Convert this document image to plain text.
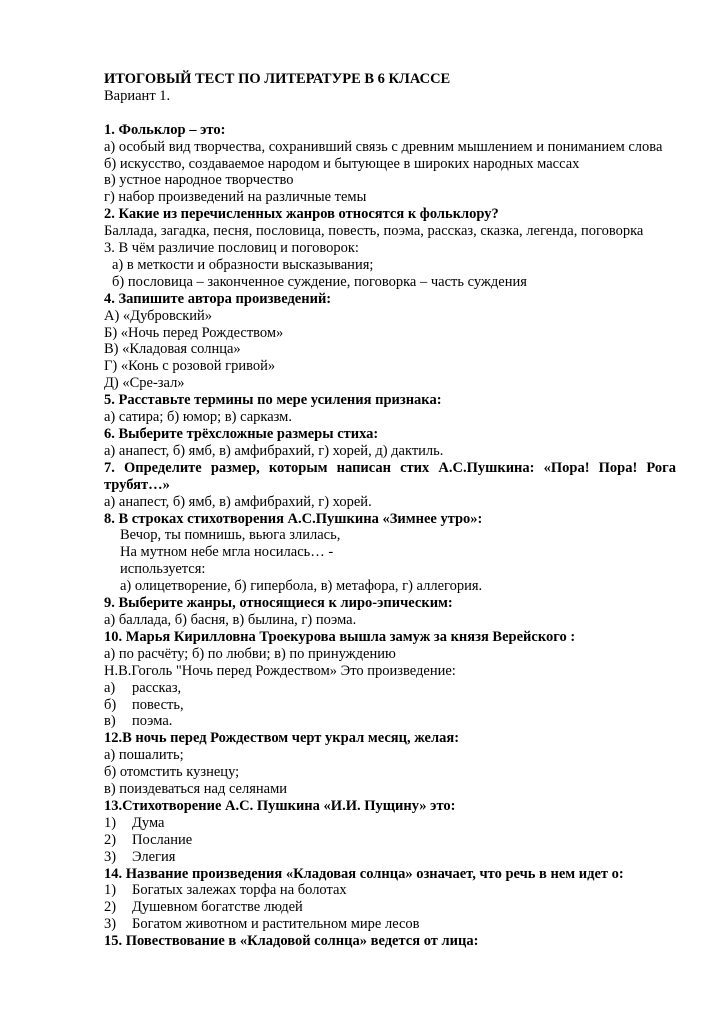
ИТОГОВЫЙ ТЕСТ ПО ЛИТЕРАТУРЕ В 6 КЛАССЕ
Вариант 1.
1. Фольклор – это:
а) особый вид творчества, сохранивший связь с древним мышлением и пониманием слова
б) искусство, создаваемое народом и бытующее в широких народных массах
в) устное народное творчество
г) набор произведений на различные темы
2. Какие из перечисленных жанров относятся к фольклору?
Баллада, загадка, песня, пословица, повесть, поэма, рассказ, сказка, легенда, поговорка
3. В чём различие пословиц и поговорок:
а) в меткости и образности высказывания;
б) пословица – законченное суждение, поговорка – часть суждения
4. Запишите автора произведений:
А) «Дубровский»
Б) «Ночь перед Рождеством»
В) «Кладовая солнца»
Г) «Конь с розовой гривой»
Д) «Сре-зал»
5. Расставьте термины по мере усиления признака:
а) сатира; б) юмор; в) сарказм.
6. Выберите трёхсложные размеры стиха:
а) анапест, б) ямб, в) амфибрахий, г) хорей, д) дактиль.
7. Определите размер, которым написан стих А.С.Пушкина: «Пора! Пора! Рога трубят…»
а) анапест, б) ямб, в) амфибрахий, г) хорей.
8. В строках стихотворения А.С.Пушкина «Зимнее утро»:
Вечор, ты помнишь, вьюга злилась,
На мутном небе мгла носилась… -
используется:
а) олицетворение, б) гипербола, в) метафора, г) аллегория.
9. Выберите жанры, относящиеся к лиро-эпическим:
а) баллада, б) басня, в) былина, г) поэма.
10. Марья Кирилловна Троекурова вышла замуж за князя Верейского :
а) по расчёту; б) по любви; в) по принуждению
Н.В.Гоголь "Ночь перед Рождеством» Это произведение:
а)	рассказ,
б)	повесть,
в)	поэма.
12.В ночь перед Рождеством черт украл месяц, желая:
а) пошалить;
б) отомстить кузнецу;
в) поиздеваться над селянами
13.Стихотворение А.С. Пушкина «И.И. Пущину» это:
1)	Дума
2)	Послание
3)	Элегия
14. Название произведения «Кладовая солнца» означает, что речь в нем идет о:
1)	Богатых залежах торфа на болотах
2)	Душевном богатстве людей
3)	Богатом животном и растительном мире лесов
15. Повествование в «Кладовой солнца» ведется от лица:
